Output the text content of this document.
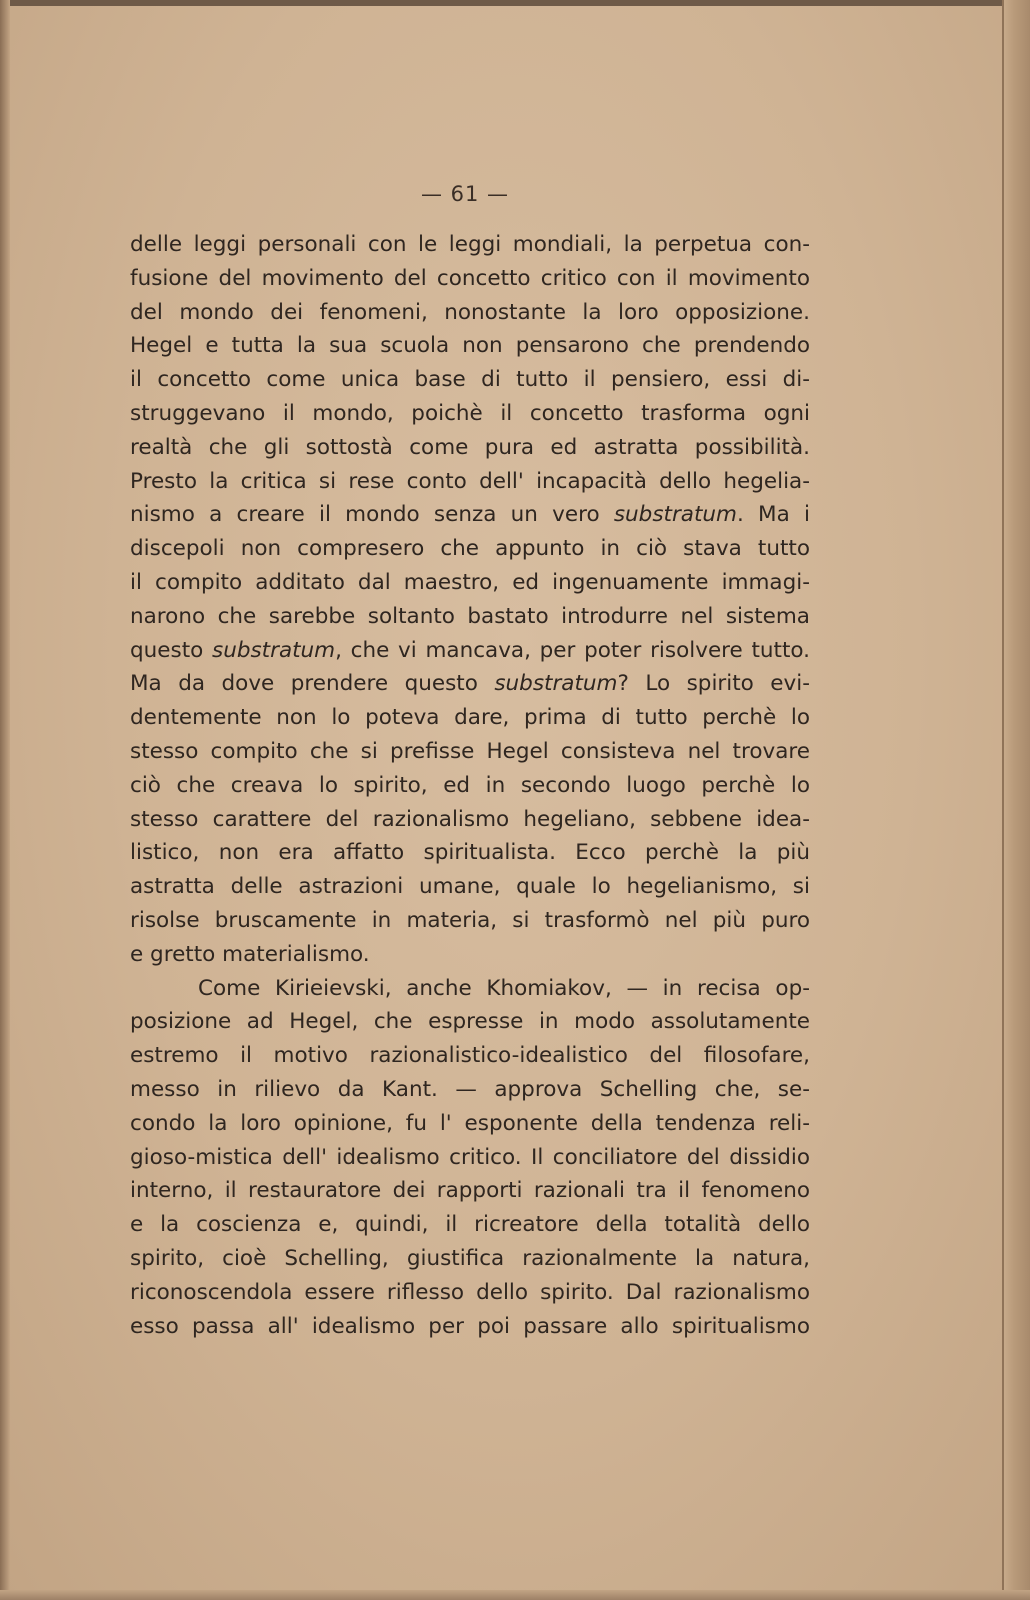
— 61 —
delle leggi personali con le leggi mondiali, la perpetua con-
fusione del movimento del concetto critico con il movimento
del mondo dei fenomeni, nonostante la loro opposizione.
Hegel e tutta la sua scuola non pensarono che prendendo
il concetto come unica base di tutto il pensiero, essi di-
struggevano il mondo, poichè il concetto trasforma ogni
realtà che gli sottostà come pura ed astratta possibilità.
Presto la critica si rese conto dell' incapacità dello hegelia-
nismo a creare il mondo senza un vero substratum. Ma i
discepoli non compresero che appunto in ciò stava tutto
il compito additato dal maestro, ed ingenuamente immagi-
narono che sarebbe soltanto bastato introdurre nel sistema
questo substratum, che vi mancava, per poter risolvere tutto.
Ma da dove prendere questo substratum? Lo spirito evi-
dentemente non lo poteva dare, prima di tutto perchè lo
stesso compito che si prefisse Hegel consisteva nel trovare
ciò che creava lo spirito, ed in secondo luogo perchè lo
stesso carattere del razionalismo hegeliano, sebbene idea-
listico, non era affatto spiritualista. Ecco perchè la più
astratta delle astrazioni umane, quale lo hegelianismo, si
risolse bruscamente in materia, si trasformò nel più puro
e gretto materialismo.
Come Kirieievski, anche Khomiakov, — in recisa op-
posizione ad Hegel, che espresse in modo assolutamente
estremo il motivo razionalistico-idealistico del filosofare,
messo in rilievo da Kant. — approva Schelling che, se-
condo la loro opinione, fu l' esponente della tendenza reli-
gioso-mistica dell' idealismo critico. Il conciliatore del dissidio
interno, il restauratore dei rapporti razionali tra il fenomeno
e la coscienza e, quindi, il ricreatore della totalità dello
spirito, cioè Schelling, giustifica razionalmente la natura,
riconoscendola essere riflesso dello spirito. Dal razionalismo
esso passa all' idealismo per poi passare allo spiritualismo
